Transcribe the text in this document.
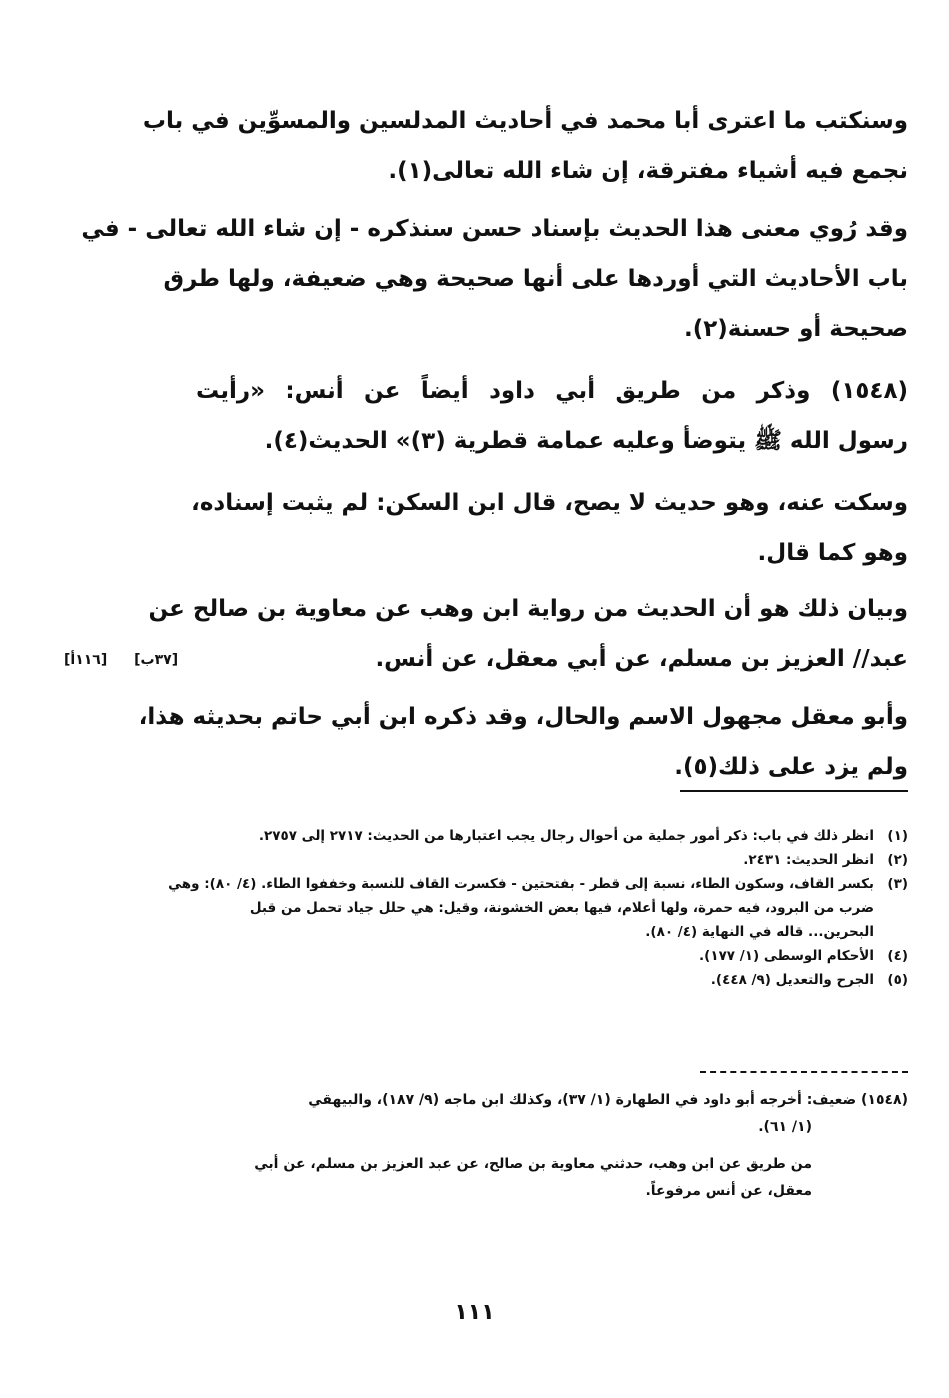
وسنكتب ما اعترى أبا محمد في أحاديث المدلسين والمسوِّين في باب
نجمع فيه أشياء مفترقة، إن شاء الله تعالى(١).
وقد رُوي معنى هذا الحديث بإسناد حسن سنذكره - إن شاء الله تعالى - في
باب الأحاديث التي أوردها على أنها صحيحة وهي ضعيفة، ولها طرق
صحيحة أو حسنة(٢).
(١٥٤٨) وذكر من طريق أبي داود أيضاً عن أنس: «رأيت
رسول الله ﷺ يتوضأ وعليه عمامة قطرية (٣)» الحديث(٤).
وسكت عنه، وهو حديث لا يصح، قال ابن السكن: لم يثبت إسناده،
وهو كما قال.
وبيان ذلك هو أن الحديث من رواية ابن وهب عن معاوية بن صالح عن
عبد// العزيز بن مسلم، عن أبي معقل، عن أنس.
[٣٧ب] [١١٦أ]
وأبو معقل مجهول الاسم والحال، وقد ذكره ابن أبي حاتم بحديثه هذا،
ولم يزد على ذلك(٥).
(١)
انظر ذلك في باب: ذكر أمور جملية من أحوال رجال يجب اعتبارها من الحديث: ٢٧١٧ إلى ٢٧٥٧.
(٢)
انظر الحديث: ٢٤٣١.
(٣)
بكسر القاف، وسكون الطاء، نسبة إلى قطر - بفتحتين - فكسرت القاف للنسبة وخففوا الطاء. (٤/ ٨٠): وهي
ضرب من البرود، فيه حمرة، ولها أعلام، فيها بعض الخشونة، وقيل: هي حلل جياد تحمل من قبل
البحرين... قاله في النهاية (٤/ ٨٠).
(٤)
الأحكام الوسطى (١/ ١٧٧).
(٥)
الجرح والتعديل (٩/ ٤٤٨).
(١٥٤٨) ضعيف: أخرجه أبو داود في الطهارة (١/ ٣٧)، وكذلك ابن ماجه (٩/ ١٨٧)، والبيهقي
(١/ ٦١).
من طريق عن ابن وهب، حدثني معاوية بن صالح، عن عبد العزيز بن مسلم، عن أبي
معقل، عن أنس مرفوعاً.
١١١
